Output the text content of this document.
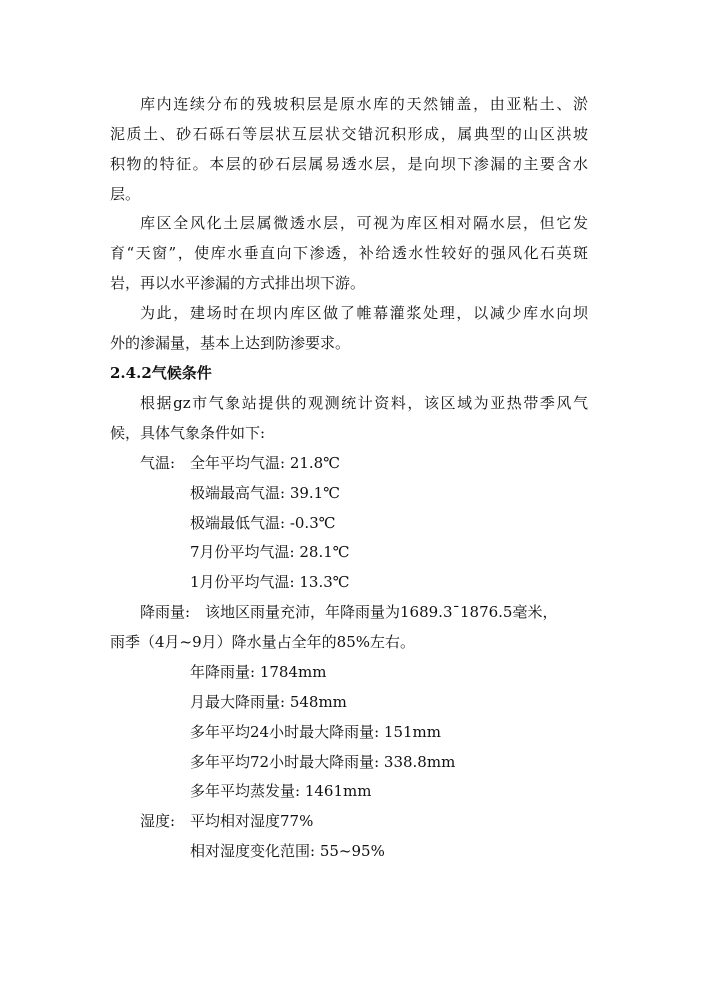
库内连续分布的残坡积层是原水库的天然铺盖，由亚粘土、淤
泥质土、砂石砾石等层状互层状交错沉积形成，属典型的山区洪坡
积物的特征。本层的砂石层属易透水层，是向坝下渗漏的主要含水
层。
库区全风化土层属微透水层，可视为库区相对隔水层，但它发
育“天窗”，使库水垂直向下渗透，补给透水性较好的强风化石英斑
岩，再以水平渗漏的方式排出坝下游。
为此，建场时在坝内库区做了帷幕灌浆处理，以减少库水向坝
外的渗漏量，基本上达到防渗要求。
2.4.2气候条件
根据gz市气象站提供的观测统计资料，该区域为亚热带季风气
候，具体气象条件如下:
气温: 全年平均气温: 21.8℃
极端最高气温: 39.1℃
极端最低气温: -0.3℃
7月份平均气温: 28.1℃
1月份平均气温: 13.3℃
降雨量: 该地区雨量充沛，年降雨量为1689.3¯1876.5毫米，
雨季（4月~9月）降水量占全年的85%左右。
年降雨量: 1784mm
月最大降雨量: 548mm
多年平均24小时最大降雨量: 151mm
多年平均72小时最大降雨量: 338.8mm
多年平均蒸发量: 1461mm
湿度: 平均相对湿度77%
相对湿度变化范围: 55~95%
